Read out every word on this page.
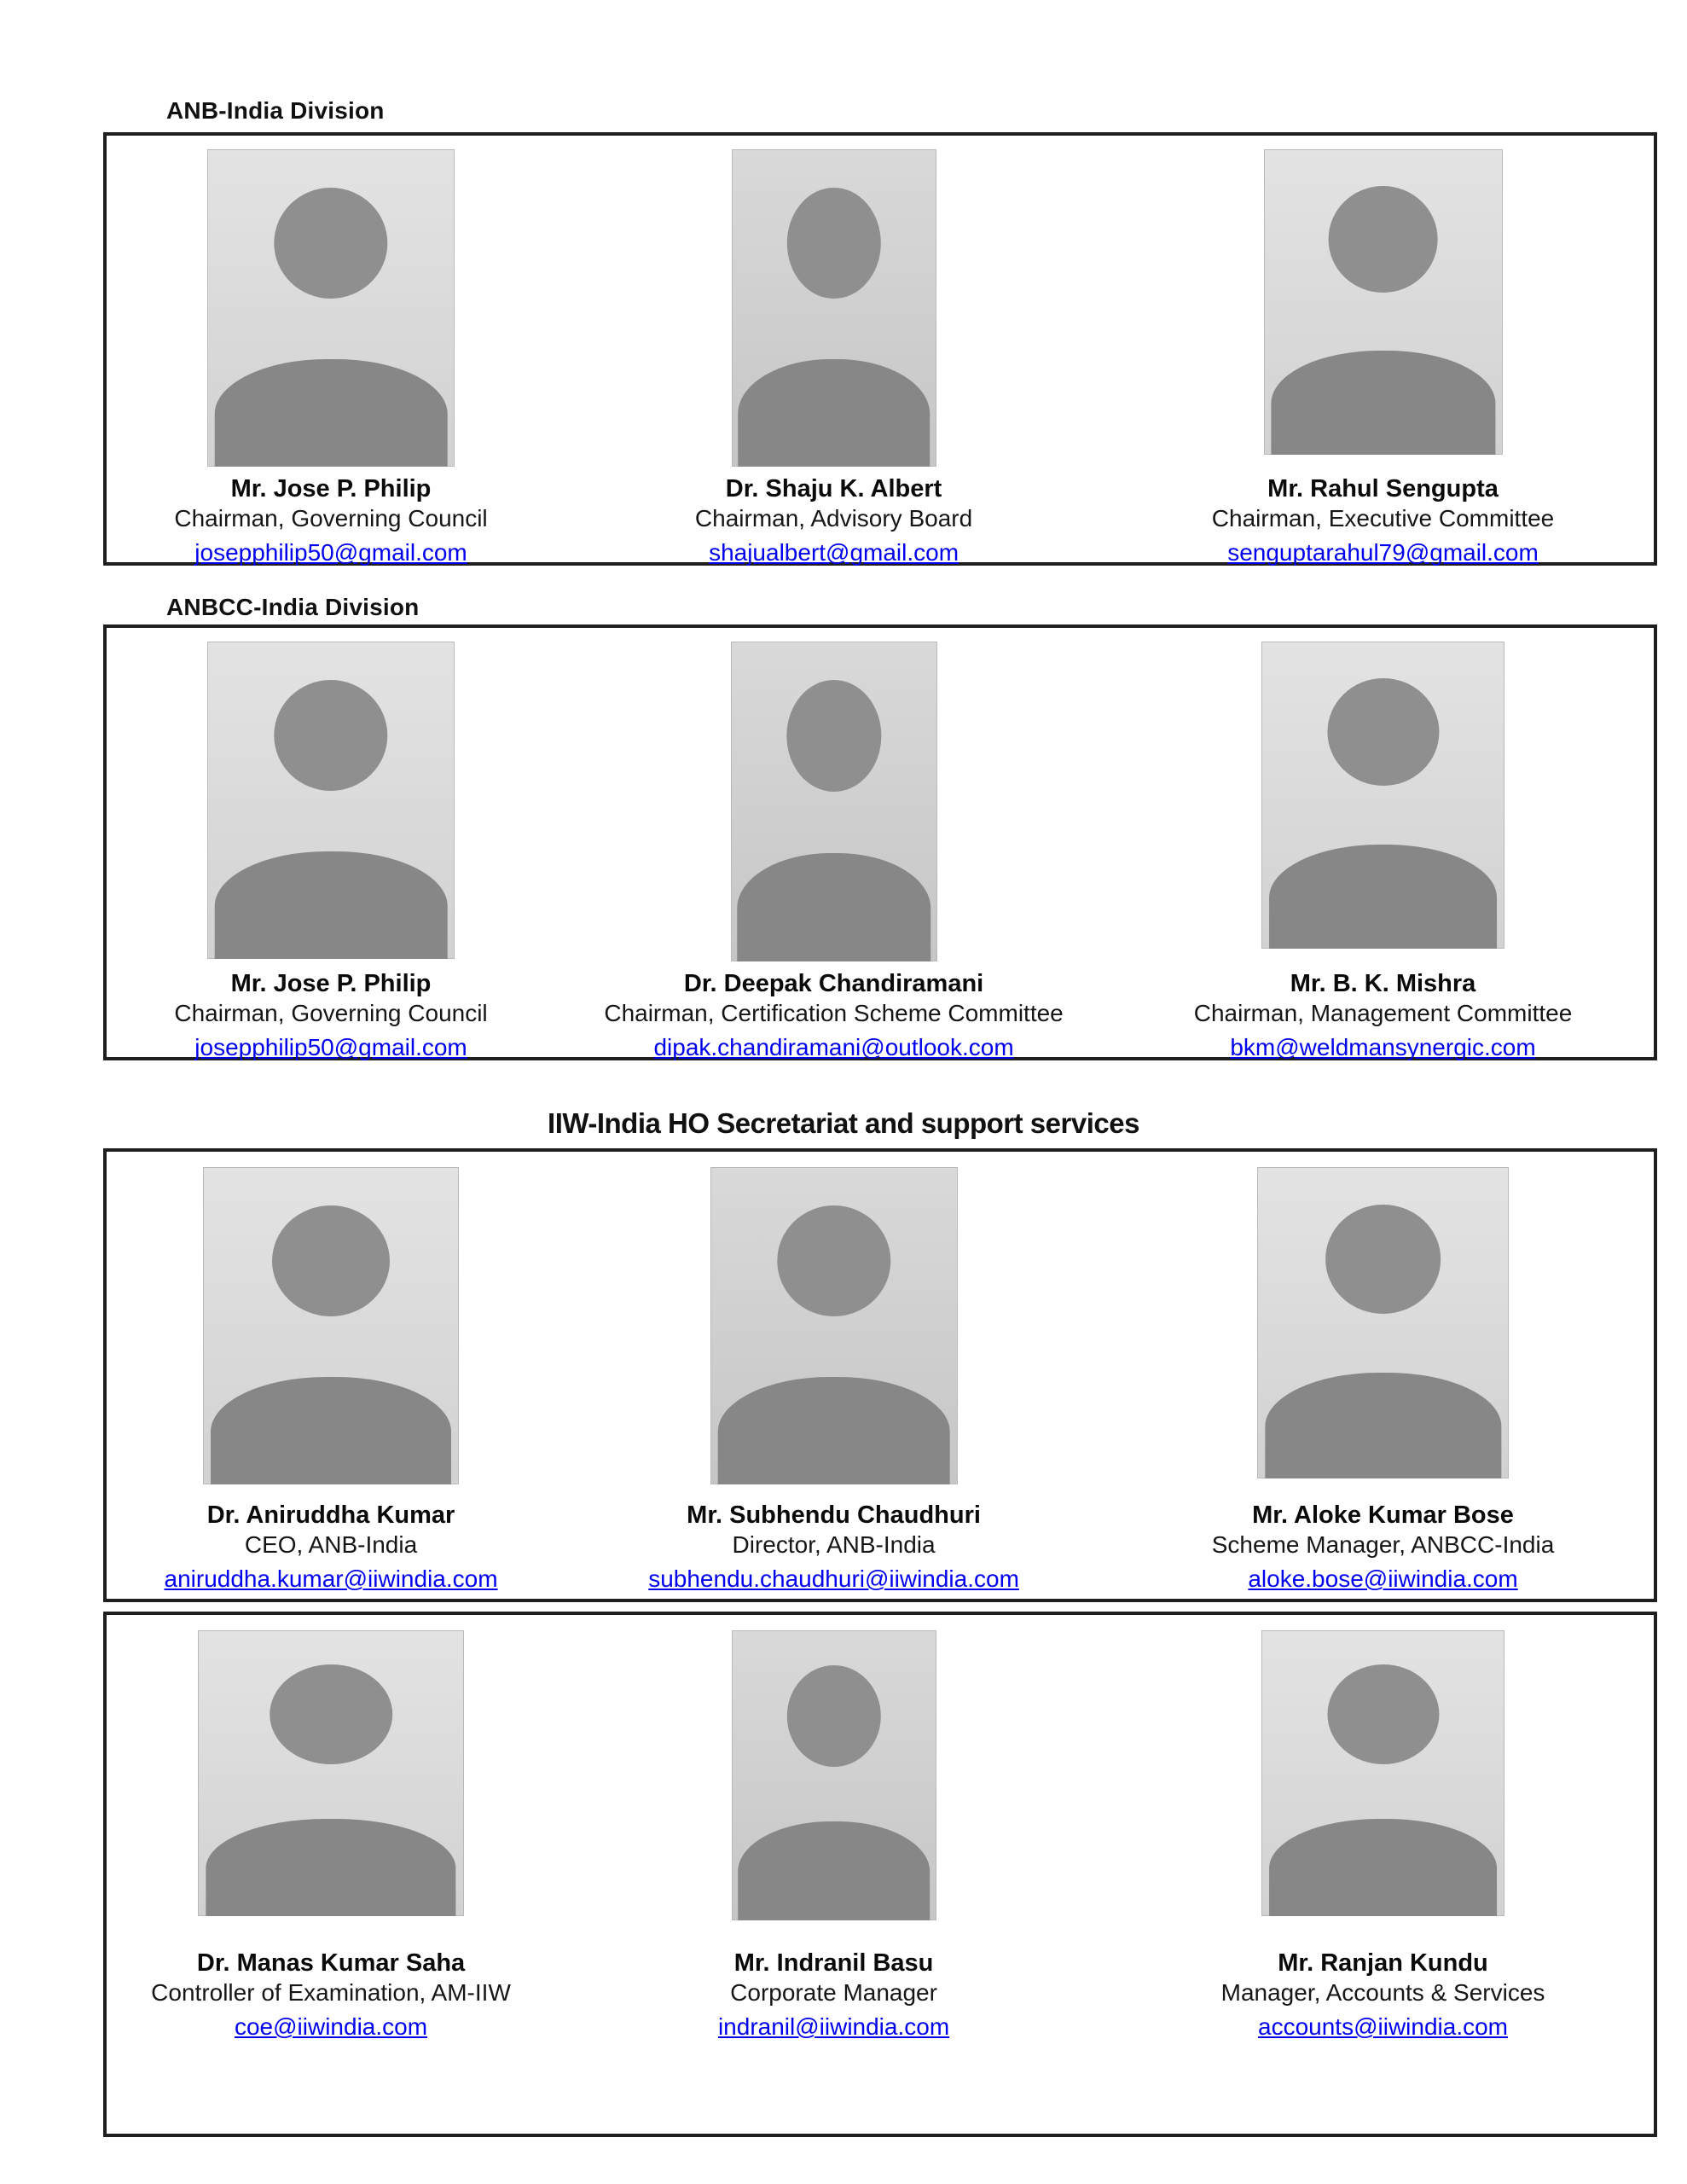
ANB-India Division
Mr. Jose P. Philip
Chairman, Governing Council
josepphilip50@gmail.com
Dr. Shaju K. Albert
Chairman, Advisory Board
shajualbert@gmail.com
Mr. Rahul Sengupta
Chairman, Executive Committee
senguptarahul79@gmail.com
ANBCC-India Division
Mr. Jose P. Philip
Chairman, Governing Council
josepphilip50@gmail.com
Dr. Deepak Chandiramani
Chairman, Certification Scheme Committee
dipak.chandiramani@outlook.com
Mr. B. K. Mishra
Chairman, Management Committee
bkm@weldmansynergic.com
IIW-India HO Secretariat and support services
Dr. Aniruddha Kumar
CEO, ANB-India
aniruddha.kumar@iiwindia.com
Mr. Subhendu Chaudhuri
Director, ANB-India
subhendu.chaudhuri@iiwindia.com
Mr. Aloke Kumar Bose
Scheme Manager, ANBCC-India
aloke.bose@iiwindia.com
Dr. Manas Kumar Saha
Controller of Examination, AM-IIW
coe@iiwindia.com
Mr. Indranil Basu
Corporate Manager
indranil@iiwindia.com
Mr. Ranjan Kundu
Manager, Accounts & Services
accounts@iiwindia.com
